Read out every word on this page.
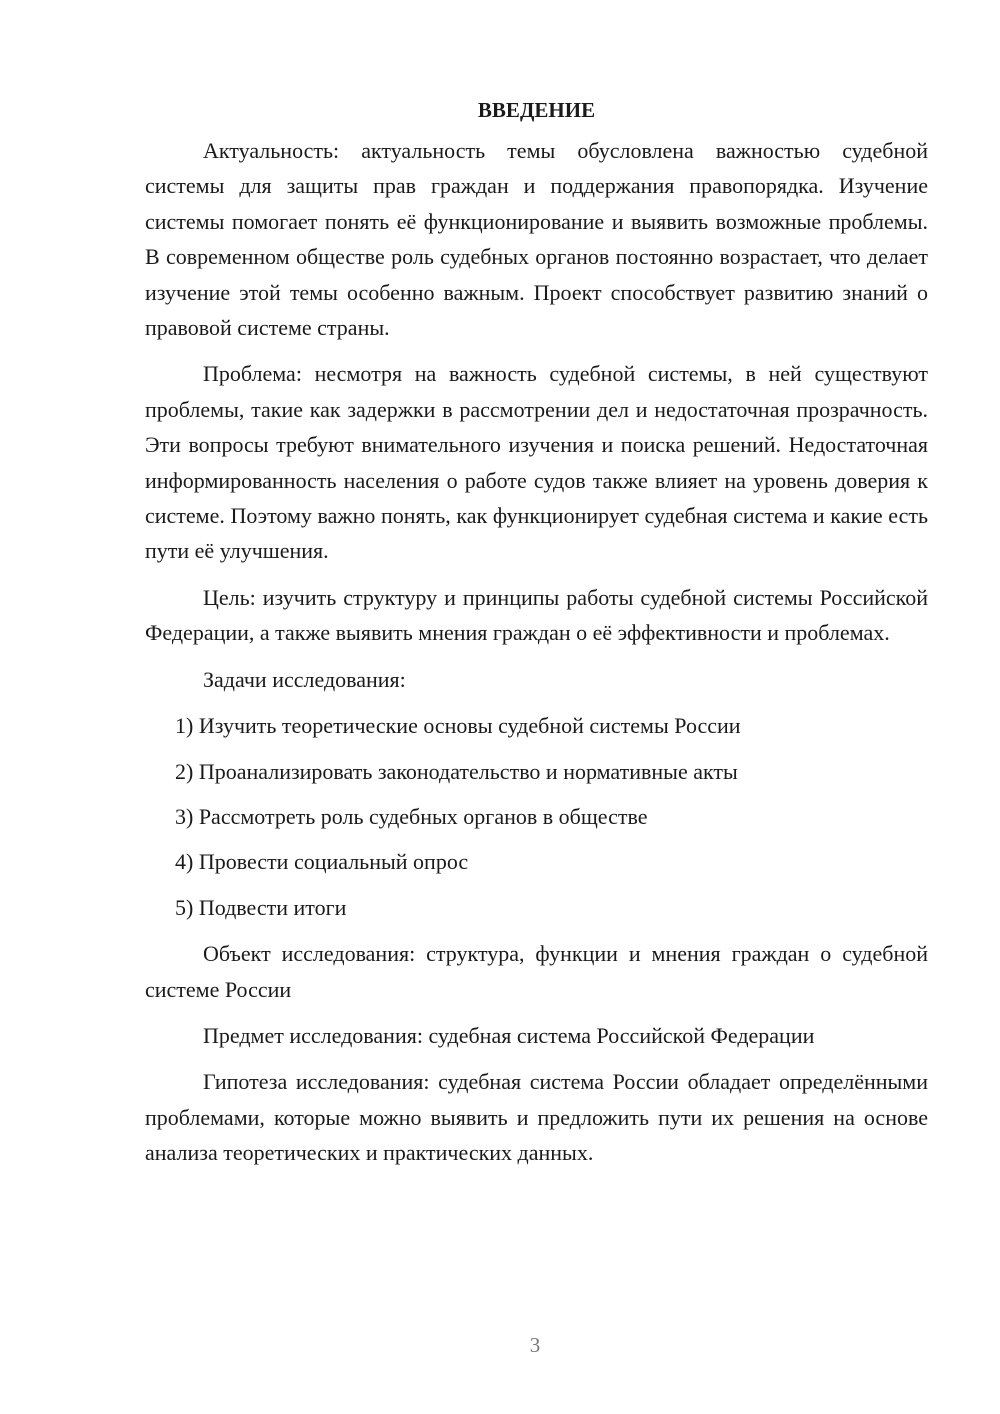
ВВЕДЕНИЕ

Актуальность: актуальность темы обусловлена важностью судебной системы для защиты прав граждан и поддержания правопорядка. Изучение системы помогает понять её функционирование и выявить возможные проблемы. В современном обществе роль судебных органов постоянно возрастает, что делает изучение этой темы особенно важным. Проект способствует развитию знаний о правовой системе страны.

Проблема: несмотря на важность судебной системы, в ней существуют проблемы, такие как задержки в рассмотрении дел и недостаточная прозрачность. Эти вопросы требуют внимательного изучения и поиска решений. Недостаточная информированность населения о работе судов также влияет на уровень доверия к системе. Поэтому важно понять, как функционирует судебная система и какие есть пути её улучшения.

Цель: изучить структуру и принципы работы судебной системы Российской Федерации, а также выявить мнения граждан о её эффективности и проблемах.

Задачи исследования:

1) Изучить теоретические основы судебной системы России
2) Проанализировать законодательство и нормативные акты
3) Рассмотреть роль судебных органов в обществе
4) Провести социальный опрос
5) Подвести итоги

Объект исследования: структура, функции и мнения граждан о судебной системе России

Предмет исследования: судебная система Российской Федерации

Гипотеза исследования: судебная система России обладает определёнными проблемами, которые можно выявить и предложить пути их решения на основе анализа теоретических и практических данных.

3
